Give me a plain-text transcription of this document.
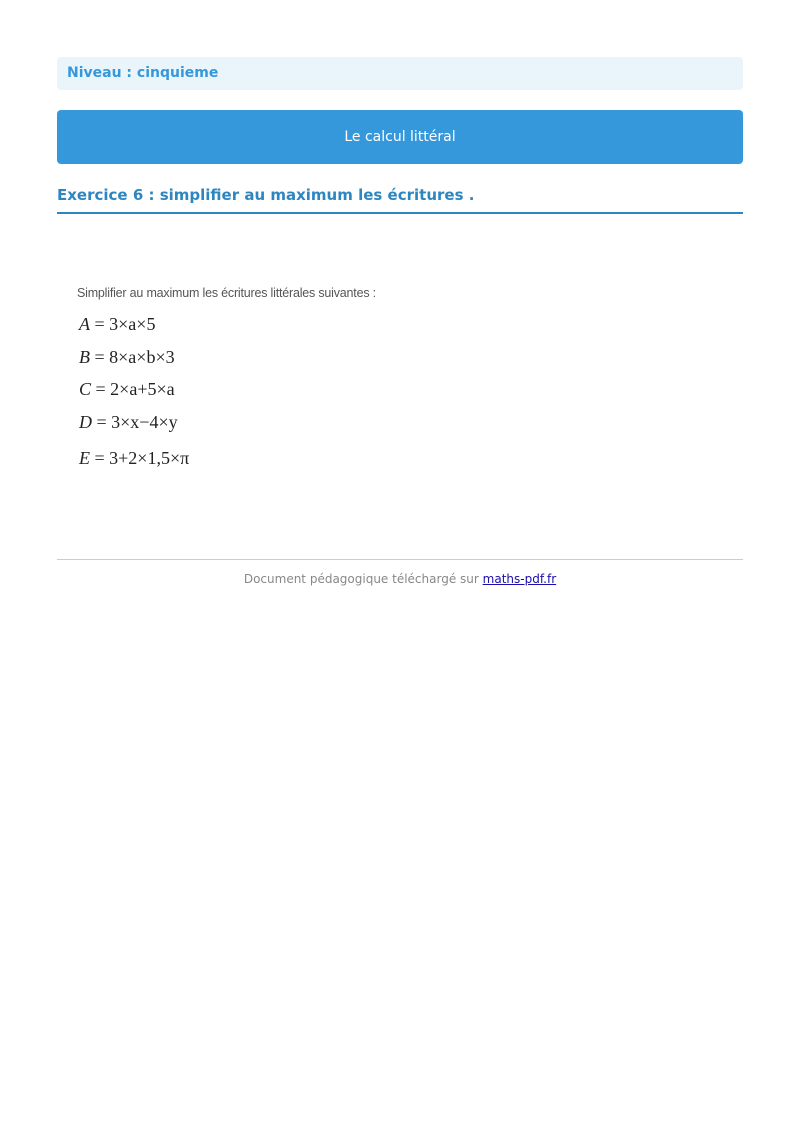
Niveau : cinquieme
Le calcul littéral
Exercice 6 : simplifier au maximum les écritures .
Simplifier au maximum les écritures littérales suivantes :
A = 3×a×5
B = 8×a×b×3
C = 2×a+5×a
D = 3×x−4×y
E = 3+2×1,5×π
Document pédagogique téléchargé sur maths-pdf.fr
